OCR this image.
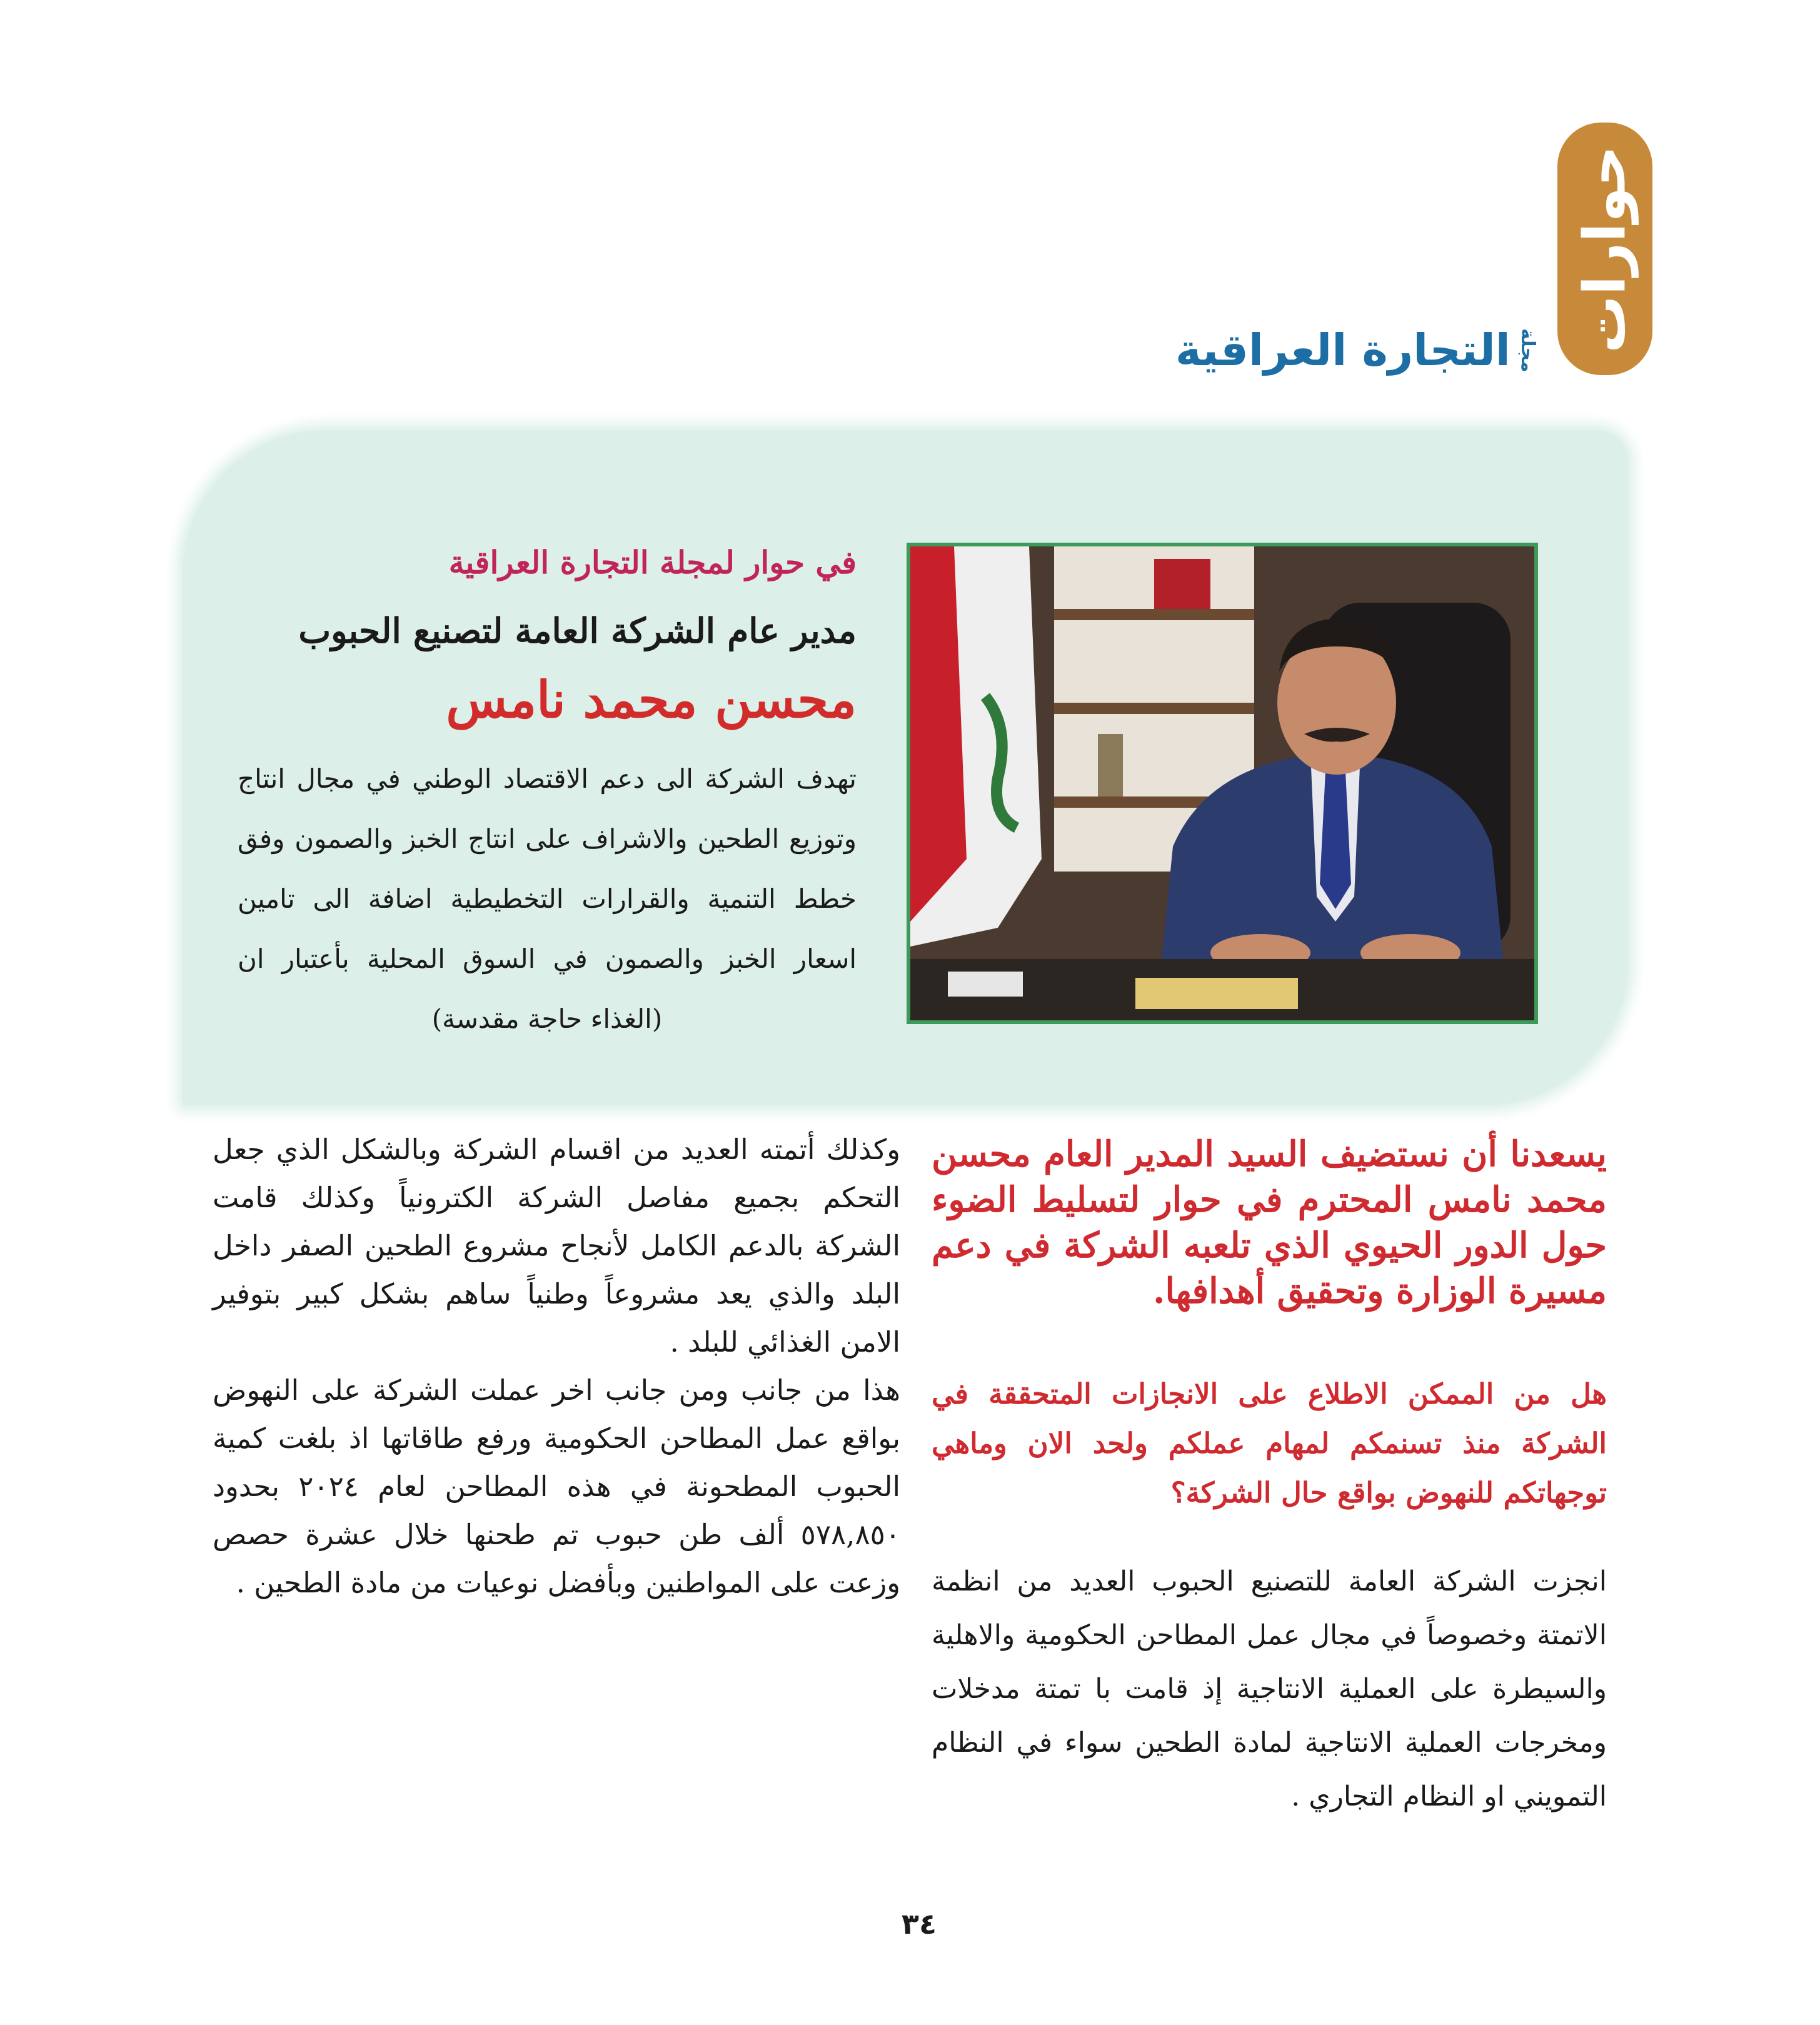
حوارات
مجلة
التجارة العراقية

في حوار لمجلة التجارة العراقية

مدير عام الشركة العامة لتصنيع الحبوب

محسن محمد نامس

تهدف الشركة الى دعم الاقتصاد الوطني في مجال انتاج وتوزيع الطحين والاشراف على انتاج الخبز والصمون وفق خطط التنمية والقرارات التخطيطية اضافة الى تامين اسعار الخبز والصمون في السوق المحلية بأعتبار ان (الغذاء حاجة مقدسة)

يسعدنا أن نستضيف السيد المدير العام محسن محمد نامس المحترم في حوار لتسليط الضوء حول الدور الحيوي الذي تلعبه الشركة في دعم مسيرة الوزارة وتحقيق أهدافها.

هل من الممكن الاطلاع على الانجازات المتحققة في الشركة منذ تسنمكم لمهام عملكم ولحد الان وماهي توجهاتكم للنهوض بواقع حال الشركة؟

انجزت الشركة العامة للتصنيع الحبوب العديد من انظمة الاتمتة وخصوصاً في مجال عمل المطاحن الحكومية والاهلية والسيطرة على العملية الانتاجية إذ قامت با تمتة مدخلات ومخرجات العملية الانتاجية لمادة الطحين سواء في النظام التمويني او النظام التجاري .

وكذلك أتمته العديد من اقسام الشركة وبالشكل الذي جعل التحكم بجميع مفاصل الشركة الكترونياً وكذلك قامت الشركة بالدعم الكامل لأنجاح مشروع الطحين الصفر داخل البلد والذي يعد مشروعاً وطنياً ساهم بشكل كبير بتوفير الامن الغذائي للبلد .

هذا من جانب ومن جانب اخر عملت الشركة على النهوض بواقع عمل المطاحن الحكومية ورفع طاقاتها اذ بلغت كمية الحبوب المطحونة في هذه المطاحن لعام ٢٠٢٤ بحدود ٥٧٨,٨٥٠ ألف طن حبوب تم طحنها خلال عشرة حصص وزعت على المواطنين وبأفضل نوعيات من مادة الطحين .

٣٤
